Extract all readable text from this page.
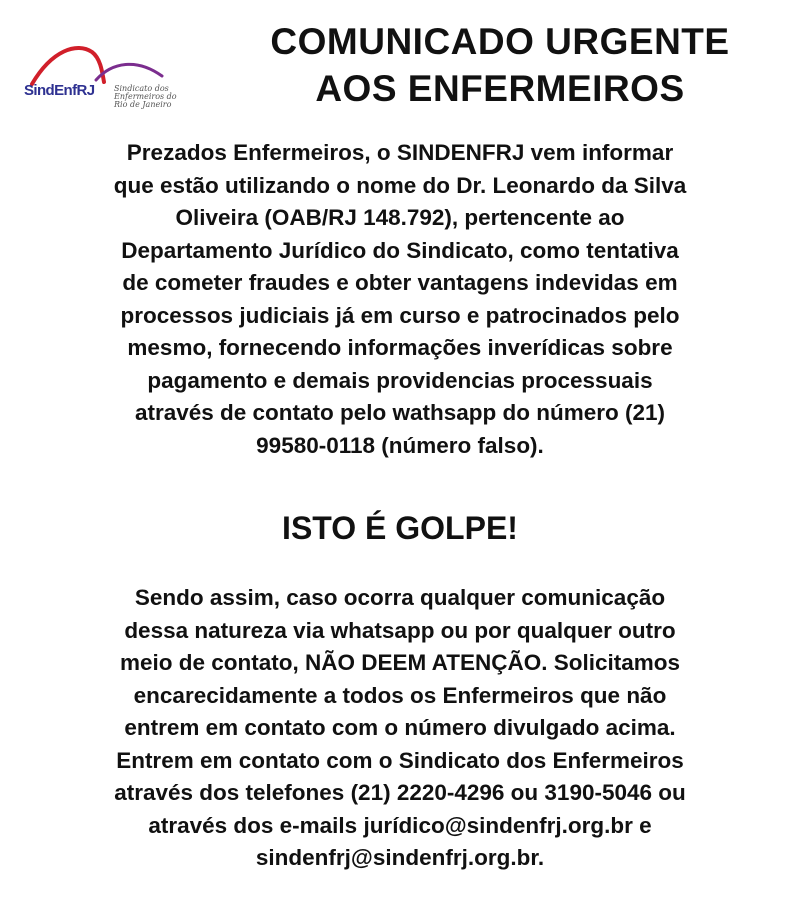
SindEnfRJ Sindicato dos
Enfermeiros do
Rio de Janeiro
COMUNICADO URGENTE
AOS ENFERMEIROS

Prezados Enfermeiros, o SINDENFRJ vem informar
que estão utilizando o nome do Dr. Leonardo da Silva
Oliveira (OAB/RJ 148.792), pertencente ao
Departamento Jurídico do Sindicato, como tentativa
de cometer fraudes e obter vantagens indevidas em
processos judiciais já em curso e patrocinados pelo
mesmo, fornecendo informações inverídicas sobre
pagamento e demais providencias processuais
através de contato pelo wathsapp do número (21)
99580-0118 (número falso).

ISTO É GOLPE!

Sendo assim, caso ocorra qualquer comunicação
dessa natureza via whatsapp ou por qualquer outro
meio de contato, NÃO DEEM ATENÇÃO. Solicitamos
encarecidamente a todos os Enfermeiros que não
entrem em contato com o número divulgado acima.
Entrem em contato com o Sindicato dos Enfermeiros
através dos telefones (21) 2220-4296 ou 3190-5046 ou
através dos e-mails jurídico@sindenfrj.org.br e
sindenfrj@sindenfrj.org.br.
